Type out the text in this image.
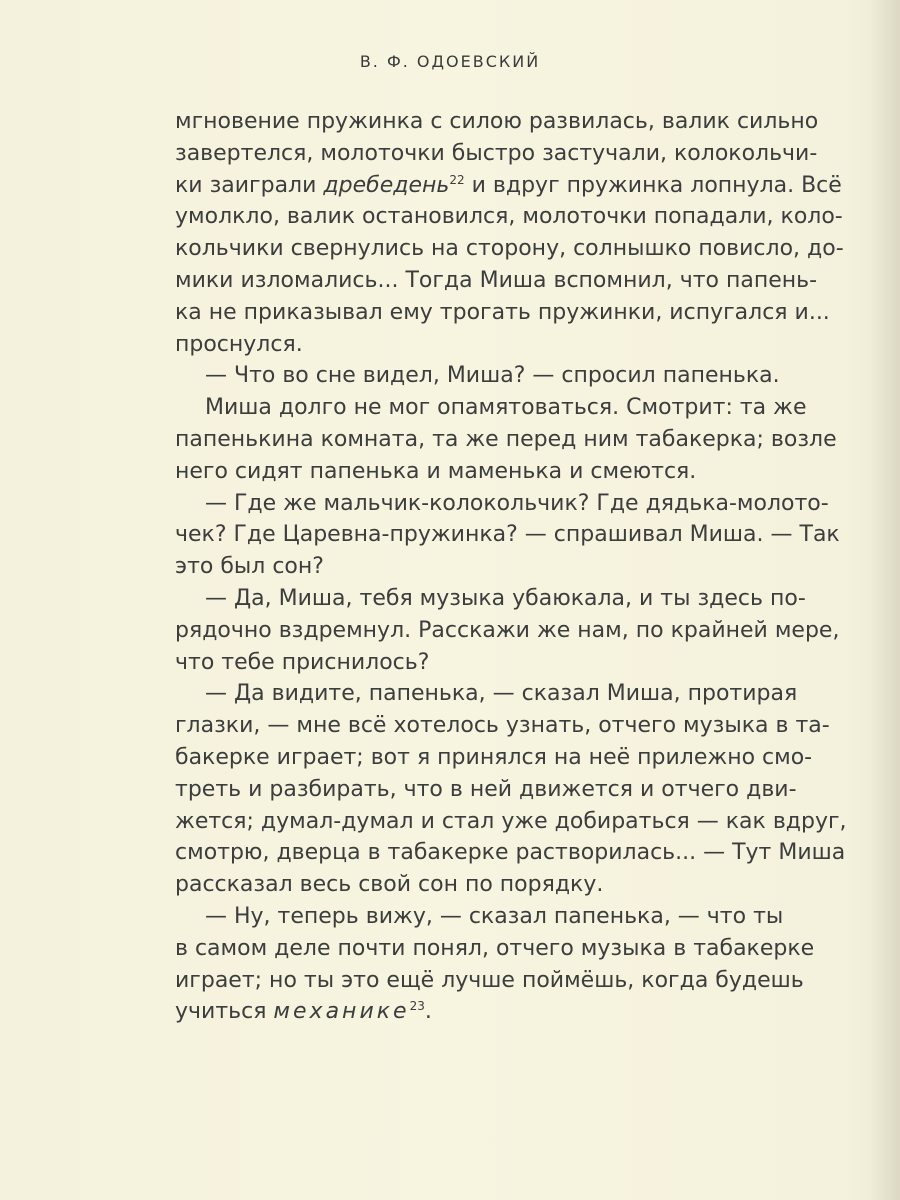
В. Ф. ОДОЕВСКИЙ
мгновение пружинка с силою развилась, валик сильно
завертелся, молоточки быстро застучали, колокольчи-
ки заиграли дребедень$^{22}$ и вдруг пружинка лопнула. Всё
умолкло, валик остановился, молоточки попадали, коло-
кольчики свернулись на сторону, солнышко повисло, до-
мики изломались... Тогда Миша вспомнил, что папень-
ка не приказывал ему трогать пружинки, испугался и...
проснулся.
— Что во сне видел, Миша? — спросил папенька.
Миша долго не мог опамятоваться. Смотрит: та же
папенькина комната, та же перед ним табакерка; возле
него сидят папенька и маменька и смеются.
— Где же мальчик-колокольчик? Где дядька-молото-
чек? Где Царевна-пружинка? — спрашивал Миша. — Так
это был сон?
— Да, Миша, тебя музыка убаюкала, и ты здесь по-
рядочно вздремнул. Расскажи же нам, по крайней мере,
что тебе приснилось?
— Да видите, папенька, — сказал Миша, протирая
глазки, — мне всё хотелось узнать, отчего музыка в та-
бакерке играет; вот я принялся на неё прилежно смо-
треть и разбирать, что в ней движется и отчего дви-
жется; думал-думал и стал уже добираться — как вдруг,
смотрю, дверца в табакерке растворилась... — Тут Миша
рассказал весь свой сон по порядку.
— Ну, теперь вижу, — сказал папенька, — что ты
в самом деле почти понял, отчего музыка в табакерке
играет; но ты это ещё лучше поймёшь, когда будешь
учиться механике$^{23}$.
